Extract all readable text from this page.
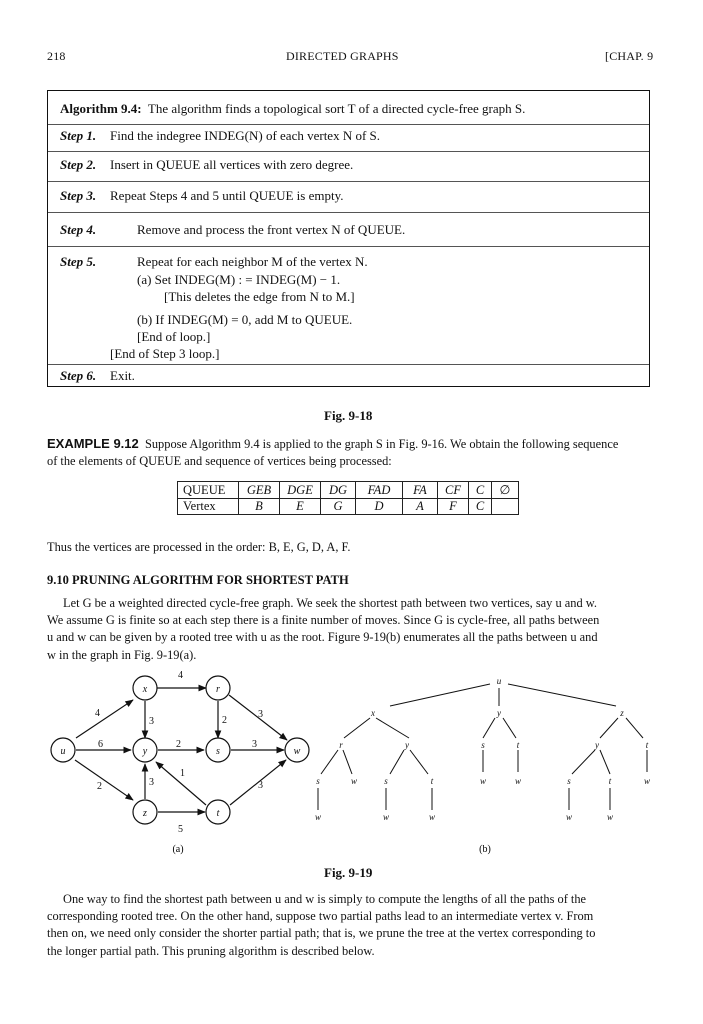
218	DIRECTED GRAPHS	[CHAP. 9
Algorithm 9.4: The algorithm finds a topological sort T of a directed cycle-free graph S.
Step 1. Find the indegree INDEG(N) of each vertex N of S.
Step 2. Insert in QUEUE all vertices with zero degree.
Step 3. Repeat Steps 4 and 5 until QUEUE is empty.
Step 4.	Remove and process the front vertex N of QUEUE.
Step 5.	Repeat for each neighbor M of the vertex N.
(a) Set INDEG(M) : = INDEG(M) − 1.
[This deletes the edge from N to M.]
(b) If INDEG(M) = 0, add M to QUEUE.
[End of loop.]
[End of Step 3 loop.]
Step 6. Exit.
Fig. 9-18
EXAMPLE 9.12 Suppose Algorithm 9.4 is applied to the graph S in Fig. 9-16. We obtain the following sequence
of the elements of QUEUE and sequence of vertices being processed:
QUEUE	GEB	DGE	DG	FAD	FA	CF	C	∅
Vertex	B	E	G	D	A	F	C	
Thus the vertices are processed in the order: B, E, G, D, A, F.
9.10 PRUNING ALGORITHM FOR SHORTEST PATH
Let G be a weighted directed cycle-free graph. We seek the shortest path between two vertices, say u and w.
We assume G is finite so at each step there is a finite number of moves. Since G is cycle-free, all paths between
u and w can be given by a rooted tree with u as the root. Figure 9-19(b) enumerates all the paths between u and
w in the graph in Fig. 9-19(a).
u
x	r
y	s	w
z	t
4
4
3	2
3
6	2	3
3
1
2	3
5
(a)
u
x	y	z
r	y	s	t	y	t
s	w	s	t	w	w	s	t	w
w	w	w	w	w
(b)
Fig. 9-19
One way to find the shortest path between u and w is simply to compute the lengths of all the paths of the
corresponding rooted tree. On the other hand, suppose two partial paths lead to an intermediate vertex v. From
then on, we need only consider the shorter partial path; that is, we prune the tree at the vertex corresponding to
the longer partial path. This pruning algorithm is described below.
